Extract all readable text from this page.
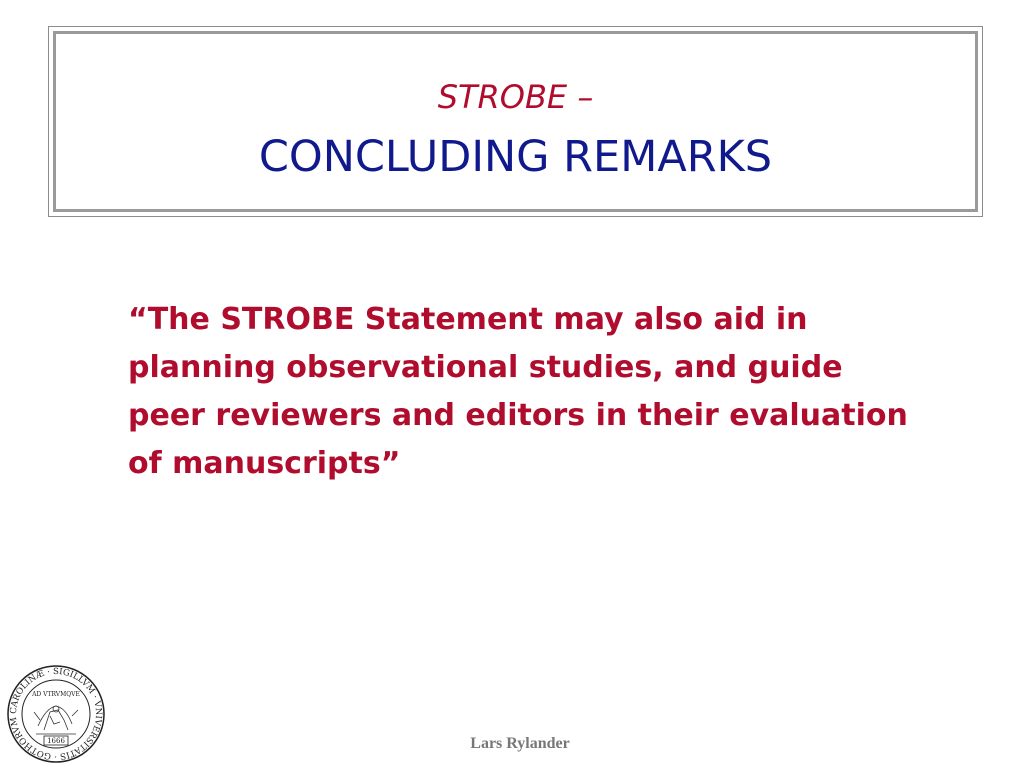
STROBE –
CONCLUDING REMARKS
“The STROBE Statement may also aid in planning observational studies, and guide peer reviewers and editors in their evaluation of manuscripts”
CAROLINÆ · SIGILLVM · VNIVERSITATIS · GOTHORVM
AD VTRVMQVE
1666	Lars Rylander
